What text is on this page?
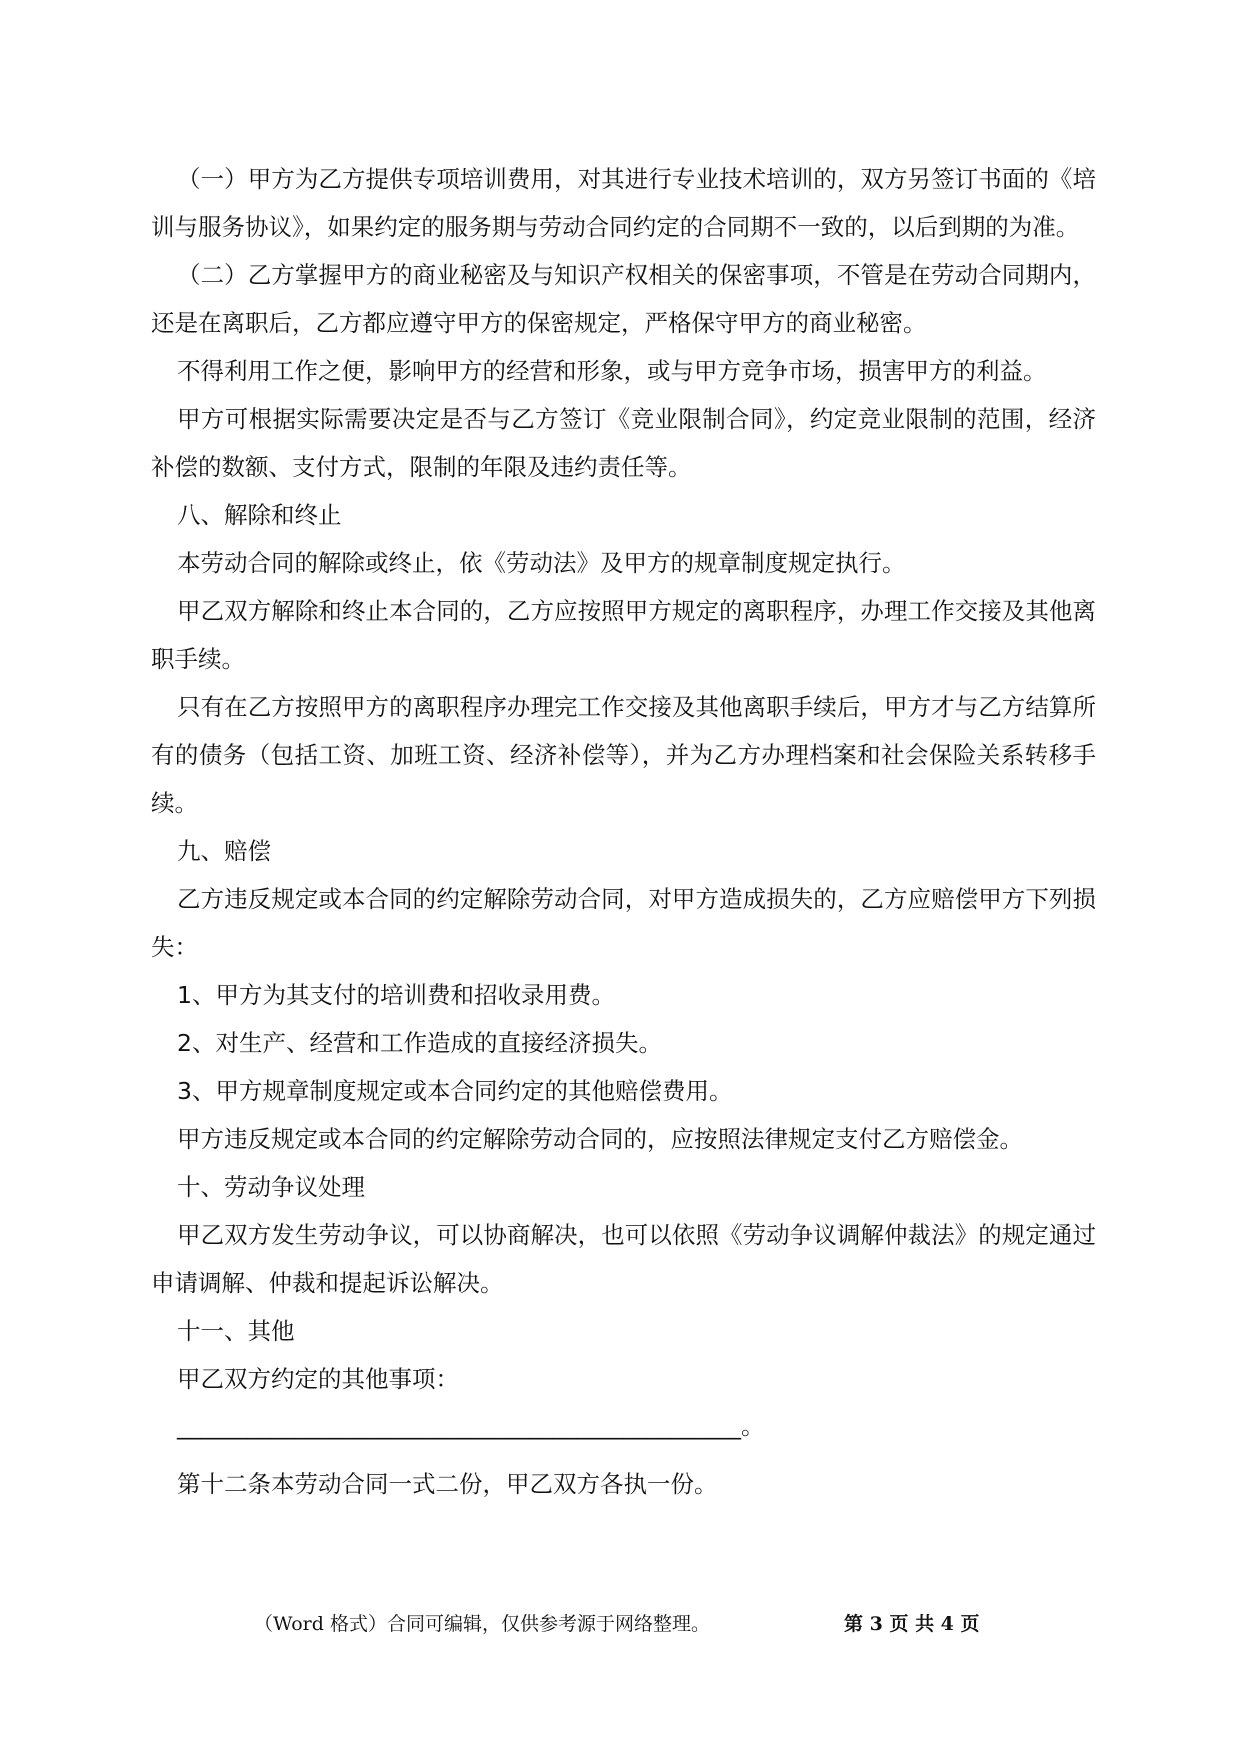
（一）甲方为乙方提供专项培训费用，对其进行专业技术培训的，双方另签订书面的《培训与服务协议》，如果约定的服务期与劳动合同约定的合同期不一致的，以后到期的为准。

（二）乙方掌握甲方的商业秘密及与知识产权相关的保密事项，不管是在劳动合同期内，还是在离职后，乙方都应遵守甲方的保密规定，严格保守甲方的商业秘密。

不得利用工作之便，影响甲方的经营和形象，或与甲方竞争市场，损害甲方的利益。

甲方可根据实际需要决定是否与乙方签订《竞业限制合同》，约定竞业限制的范围，经济补偿的数额、支付方式，限制的年限及违约责任等。

八、解除和终止

本劳动合同的解除或终止，依《劳动法》及甲方的规章制度规定执行。

甲乙双方解除和终止本合同的，乙方应按照甲方规定的离职程序，办理工作交接及其他离职手续。

只有在乙方按照甲方的离职程序办理完工作交接及其他离职手续后，甲方才与乙方结算所有的债务（包括工资、加班工资、经济补偿等），并为乙方办理档案和社会保险关系转移手续。

九、赔偿

乙方违反规定或本合同的约定解除劳动合同，对甲方造成损失的，乙方应赔偿甲方下列损失：

1、甲方为其支付的培训费和招收录用费。

2、对生产、经营和工作造成的直接经济损失。

3、甲方规章制度规定或本合同约定的其他赔偿费用。

甲方违反规定或本合同的约定解除劳动合同的，应按照法律规定支付乙方赔偿金。

十、劳动争议处理

甲乙双方发生劳动争议，可以协商解决，也可以依照《劳动争议调解仲裁法》的规定通过申请调解、仲裁和提起诉讼解决。

十一、其他

甲乙双方约定的其他事项：

________________________________________________。

第十二条本劳动合同一式二份，甲乙双方各执一份。

（Word 格式）合同可编辑，仅供参考源于网络整理。	第 3 页 共 4 页
